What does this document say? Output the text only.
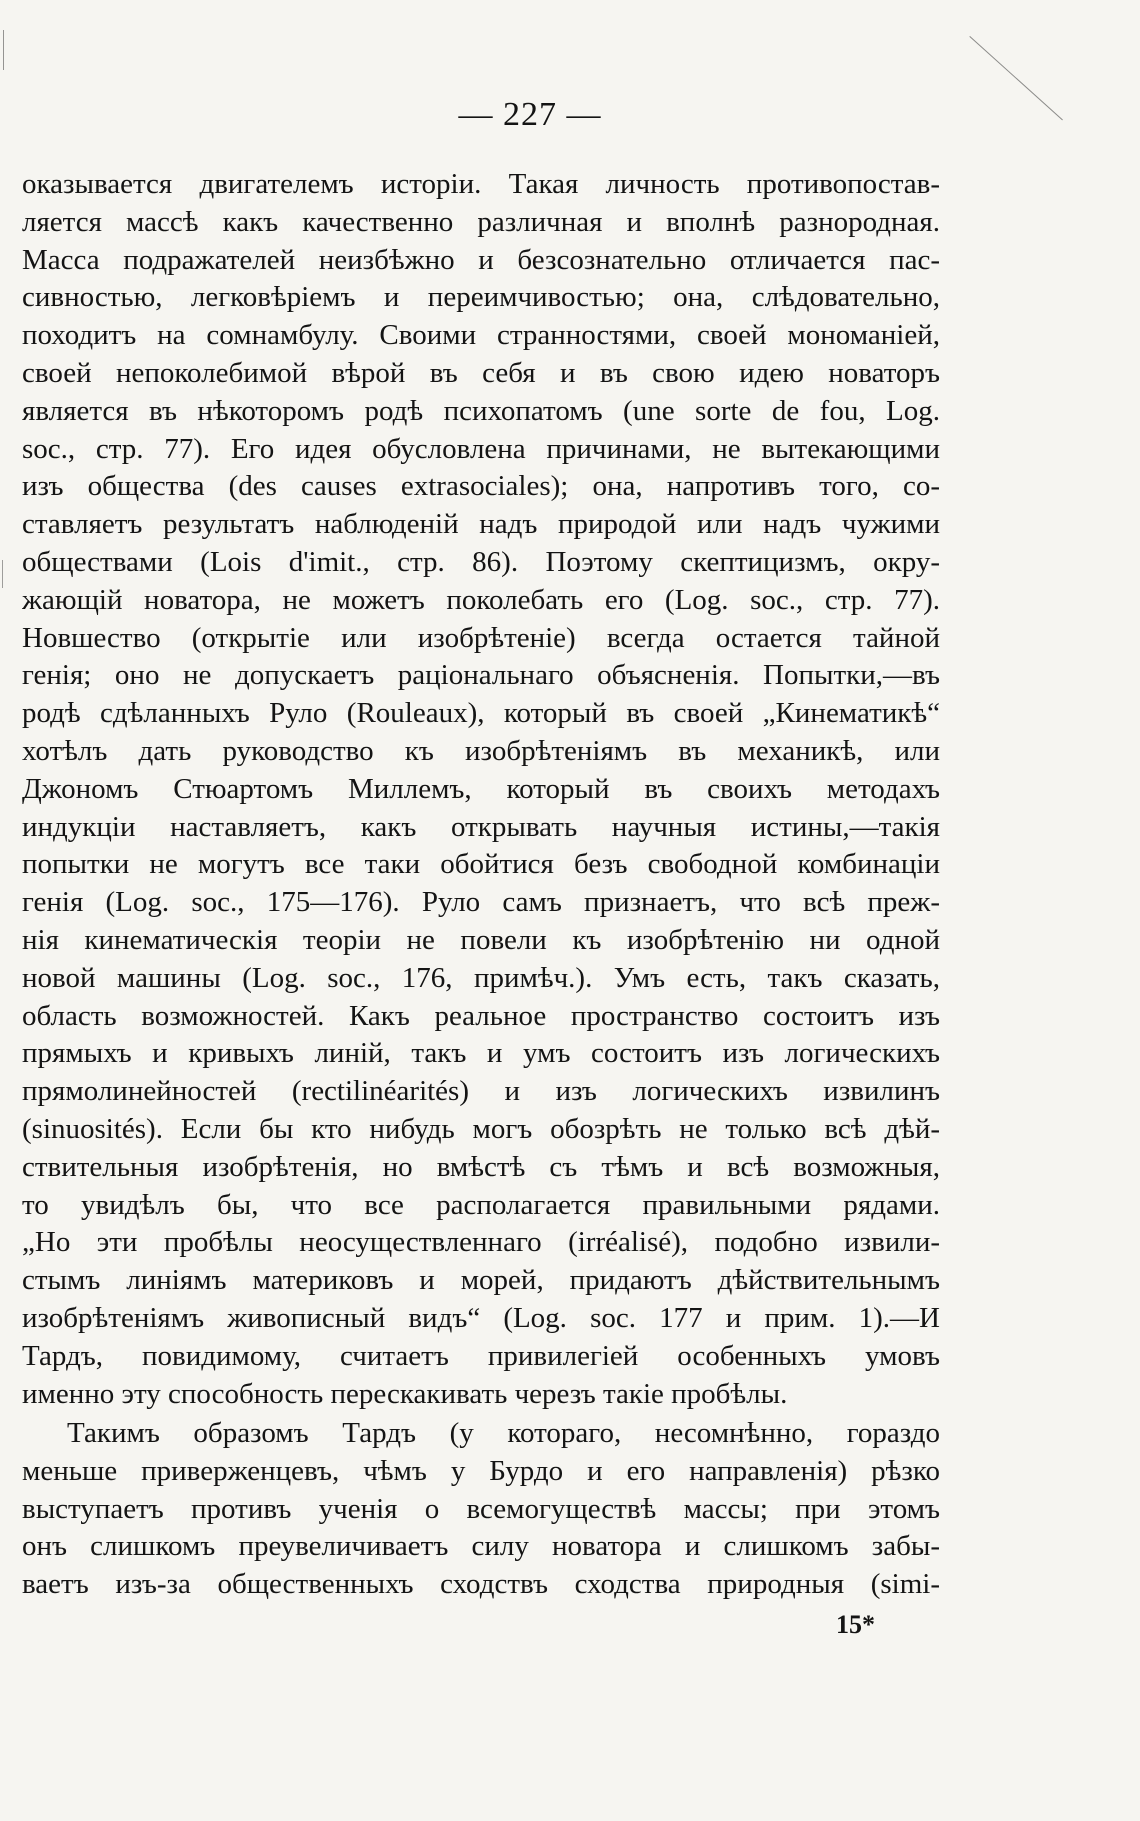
— 227 —
оказывается двигателемъ исторіи. Такая личность противопостав-
ляется массѣ какъ качественно различная и вполнѣ разнородная.
Масса подражателей неизбѣжно и безсознательно отличается пас-
сивностью, легковѣріемъ и переимчивостью; она, слѣдовательно,
походитъ на сомнамбулу. Своими странностями, своей мономаніей,
своей непоколебимой вѣрой въ себя и въ свою идею новаторъ
является въ нѣкоторомъ родѣ психопатомъ (une sorte de fou, Log.
soc., стр. 77). Его идея обусловлена причинами, не вытекающими
изъ общества (des causes extrasociales); она, напротивъ того, со-
ставляетъ результатъ наблюденій надъ природой или надъ чужими
обществами (Lois d'imit., стр. 86). Поэтому скептицизмъ, окру-
жающій новатора, не можетъ поколебать его (Log. soc., стр. 77).
Новшество (открытіе или изобрѣтеніе) всегда остается тайной
генія; оно не допускаетъ раціональнаго объясненія. Попытки,—въ
родѣ сдѣланныхъ Руло (Rouleaux), который въ своей „Кинематикѣ“
хотѣлъ дать руководство къ изобрѣтеніямъ въ механикѣ, или
Джономъ Стюартомъ Миллемъ, который въ своихъ методахъ
индукціи наставляетъ, какъ открывать научныя истины,—такія
попытки не могутъ все таки обойтися безъ свободной комбинаціи
генія (Log. soc., 175—176). Руло самъ признаетъ, что всѣ преж-
нія кинематическія теоріи не повели къ изобрѣтенію ни одной
новой машины (Log. soc., 176, примѣч.). Умъ есть, такъ сказать,
область возможностей. Какъ реальное пространство состоитъ изъ
прямыхъ и кривыхъ линій, такъ и умъ состоитъ изъ логическихъ
прямолинейностей (rectilinéarités) и изъ логическихъ извилинъ
(sinuosités). Если бы кто нибудь могъ обозрѣть не только всѣ дѣй-
ствительныя изобрѣтенія, но вмѣстѣ съ тѣмъ и всѣ возможныя,
то увидѣлъ бы, что все располагается правильными рядами.
„Но эти пробѣлы неосуществленнаго (irréalisé), подобно извили-
стымъ линіямъ материковъ и морей, придаютъ дѣйствительнымъ
изобрѣтеніямъ живописный видъ“ (Log. soc. 177 и прим. 1).—И
Тардъ, повидимому, считаетъ привилегіей особенныхъ умовъ
именно эту способность перескакивать черезъ такіе пробѣлы.
Такимъ образомъ Тардъ (у котораго, несомнѣнно, гораздо
меньше приверженцевъ, чѣмъ у Бурдо и его направленія) рѣзко
выступаетъ противъ ученія о всемогуществѣ массы; при этомъ
онъ слишкомъ преувеличиваетъ силу новатора и слишкомъ забы-
ваетъ изъ-за общественныхъ сходствъ сходства природныя (simi-
15*
